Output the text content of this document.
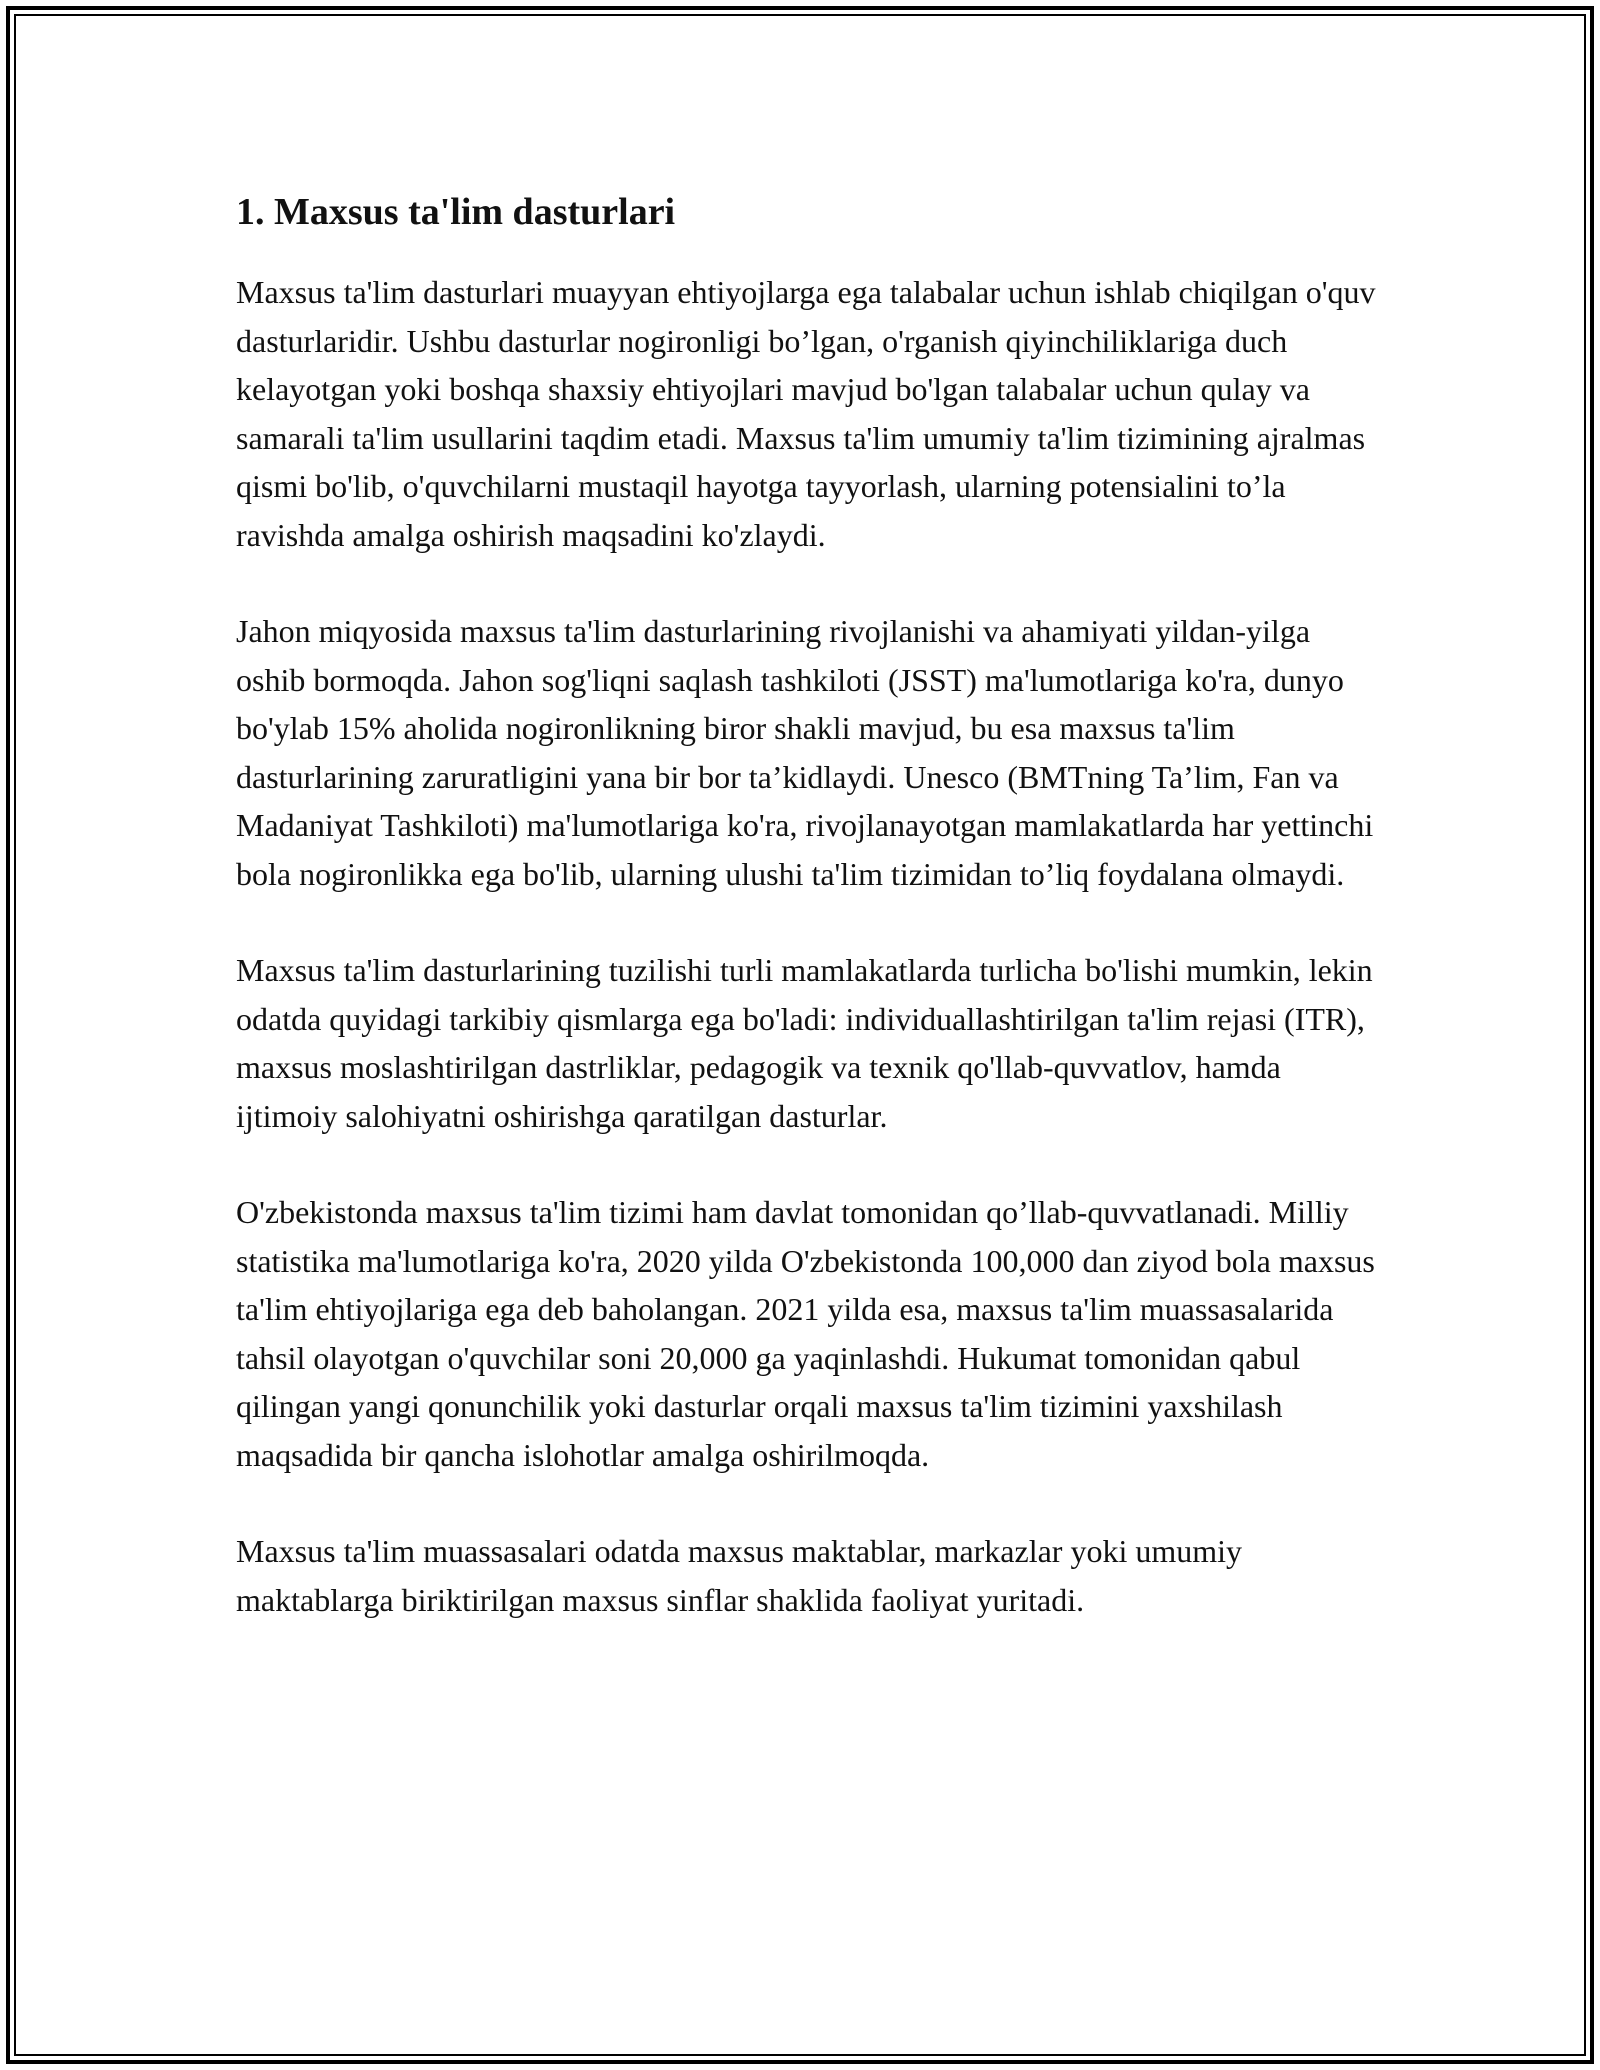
1. Maxsus ta'lim dasturlari

Maxsus ta'lim dasturlari muayyan ehtiyojlarga ega talabalar uchun ishlab chiqilgan o'quv dasturlaridir. Ushbu dasturlar nogironligi bo’lgan, o'rganish qiyinchiliklariga duch kelayotgan yoki boshqa shaxsiy ehtiyojlari mavjud bo'lgan talabalar uchun qulay va samarali ta'lim usullarini taqdim etadi. Maxsus ta'lim umumiy ta'lim tizimining ajralmas qismi bo'lib, o'quvchilarni mustaqil hayotga tayyorlash, ularning potensialini to’la ravishda amalga oshirish maqsadini ko'zlaydi.

Jahon miqyosida maxsus ta'lim dasturlarining rivojlanishi va ahamiyati yildan-yilga oshib bormoqda. Jahon sog'liqni saqlash tashkiloti (JSST) ma'lumotlariga ko'ra, dunyo bo'ylab 15% aholida nogironlikning biror shakli mavjud, bu esa maxsus ta'lim dasturlarining zaruratligini yana bir bor ta’kidlaydi. Unesco (BMTning Ta’lim, Fan va Madaniyat Tashkiloti) ma'lumotlariga ko'ra, rivojlanayotgan mamlakatlarda har yettinchi bola nogironlikka ega bo'lib, ularning ulushi ta'lim tizimidan to’liq foydalana olmaydi.

Maxsus ta'lim dasturlarining tuzilishi turli mamlakatlarda turlicha bo'lishi mumkin, lekin odatda quyidagi tarkibiy qismlarga ega bo'ladi: individuallashtirilgan ta'lim rejasi (ITR), maxsus moslashtirilgan dastrliklar, pedagogik va texnik qo'llab-quvvatlov, hamda ijtimoiy salohiyatni oshirishga qaratilgan dasturlar.

O'zbekistonda maxsus ta'lim tizimi ham davlat tomonidan qo’llab-quvvatlanadi. Milliy statistika ma'lumotlariga ko'ra, 2020 yilda O'zbekistonda 100,000 dan ziyod bola maxsus ta'lim ehtiyojlariga ega deb baholangan. 2021 yilda esa, maxsus ta'lim muassasalarida tahsil olayotgan o'quvchilar soni 20,000 ga yaqinlashdi. Hukumat tomonidan qabul qilingan yangi qonunchilik yoki dasturlar orqali maxsus ta'lim tizimini yaxshilash maqsadida bir qancha islohotlar amalga oshirilmoqda.

Maxsus ta'lim muassasalari odatda maxsus maktablar, markazlar yoki umumiy maktablarga biriktirilgan maxsus sinflar shaklida faoliyat yuritadi.
